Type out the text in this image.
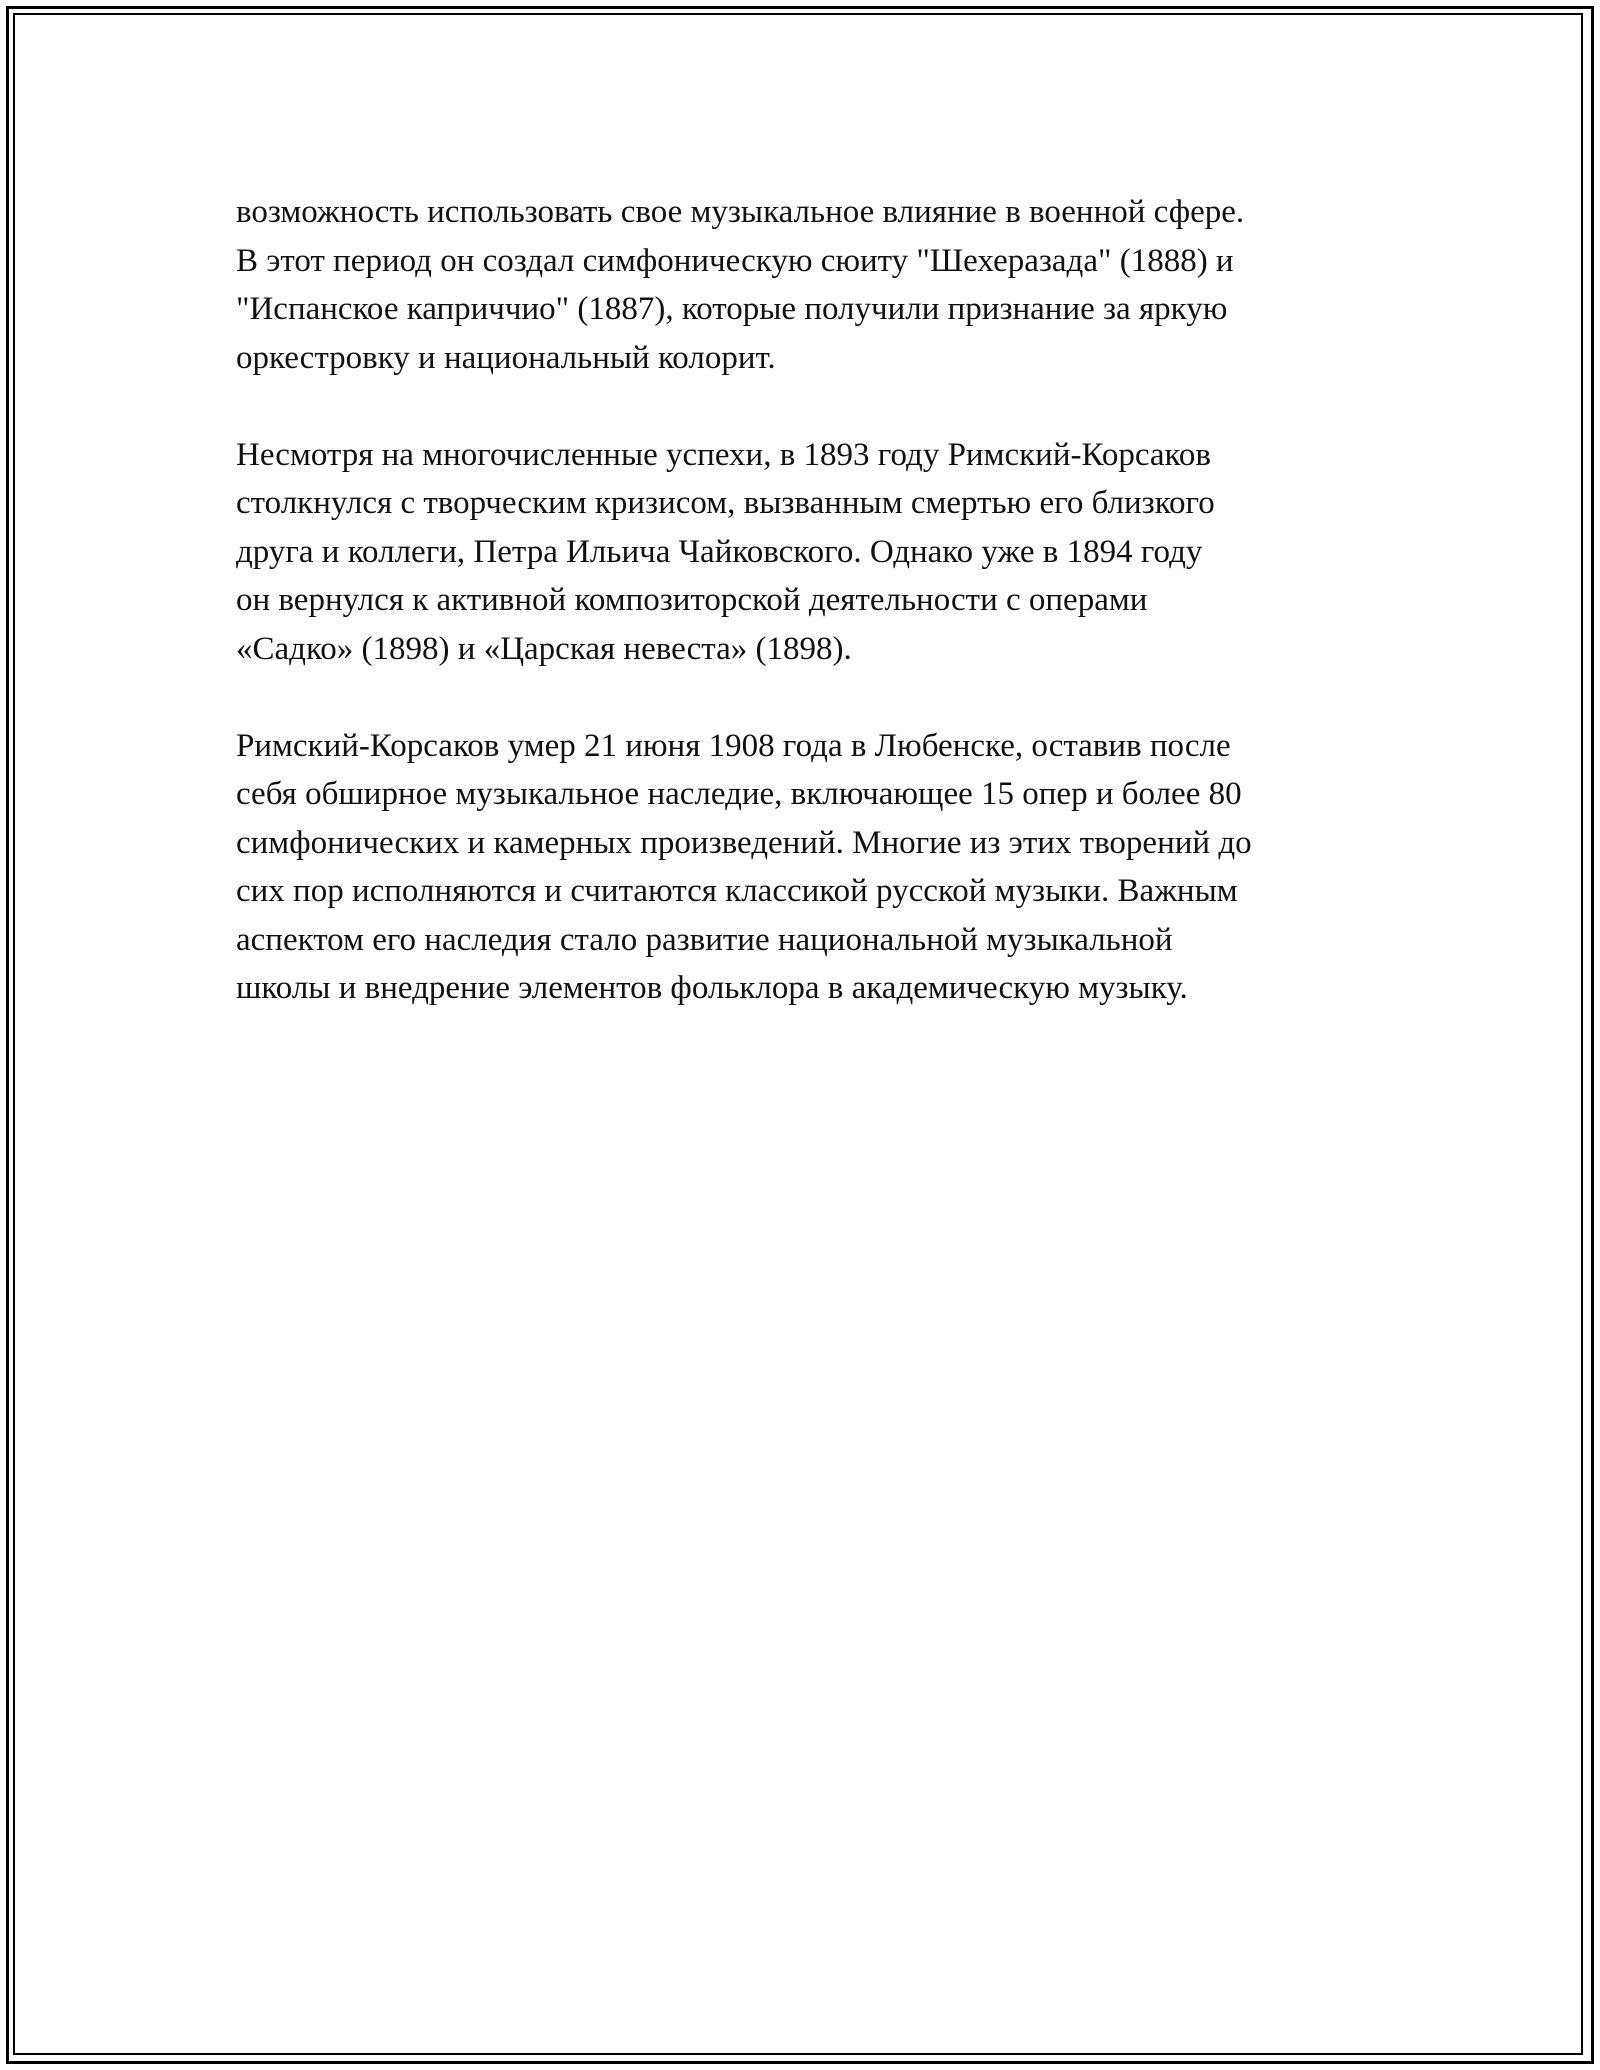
возможность использовать свое музыкальное влияние в военной сфере.
В этот период он создал симфоническую сюиту "Шехеразада" (1888) и
"Испанское каприччио" (1887), которые получили признание за яркую
оркестровку и национальный колорит.

Несмотря на многочисленные успехи, в 1893 году Римский-Корсаков
столкнулся с творческим кризисом, вызванным смертью его близкого
друга и коллеги, Петра Ильича Чайковского. Однако уже в 1894 году
он вернулся к активной композиторской деятельности с операми
«Садко» (1898) и «Царская невеста» (1898).

Римский-Корсаков умер 21 июня 1908 года в Любенске, оставив после
себя обширное музыкальное наследие, включающее 15 опер и более 80
симфонических и камерных произведений. Многие из этих творений до
сих пор исполняются и считаются классикой русской музыки. Важным
аспектом его наследия стало развитие национальной музыкальной
школы и внедрение элементов фольклора в академическую музыку.
